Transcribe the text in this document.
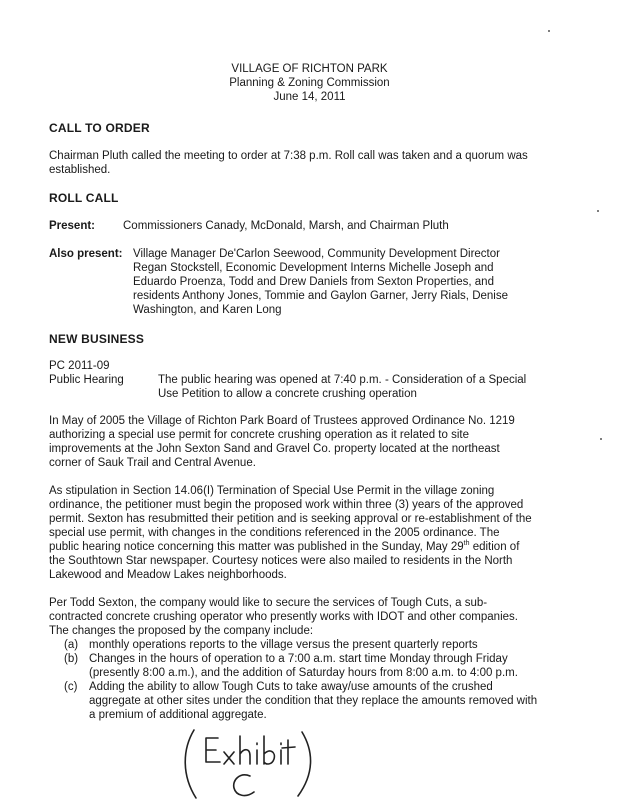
VILLAGE OF RICHTON PARK
Planning & Zoning Commission
June 14, 2011
CALL TO ORDER
Chairman Pluth called the meeting to order at 7:38 p.m. Roll call was taken and a quorum was
established.
ROLL CALL
Present: Commissioners Canady, McDonald, Marsh, and Chairman Pluth
Also present: Village Manager De'Carlon Seewood, Community Development Director
Regan Stockstell, Economic Development Interns Michelle Joseph and
Eduardo Proenza, Todd and Drew Daniels from Sexton Properties, and
residents Anthony Jones, Tommie and Gaylon Garner, Jerry Rials, Denise
Washington, and Karen Long
NEW BUSINESS
PC 2011-09
Public Hearing	The public hearing was opened at 7:40 p.m. - Consideration of a Special
Use Petition to allow a concrete crushing operation
In May of 2005 the Village of Richton Park Board of Trustees approved Ordinance No. 1219
authorizing a special use permit for concrete crushing operation as it related to site
improvements at the John Sexton Sand and Gravel Co. property located at the northeast
corner of Sauk Trail and Central Avenue.
As stipulation in Section 14.06(I) Termination of Special Use Permit in the village zoning
ordinance, the petitioner must begin the proposed work within three (3) years of the approved
permit. Sexton has resubmitted their petition and is seeking approval or re-establishment of the
special use permit, with changes in the conditions referenced in the 2005 ordinance. The
public hearing notice concerning this matter was published in the Sunday, May 29th edition of
the Southtown Star newspaper. Courtesy notices were also mailed to residents in the North
Lakewood and Meadow Lakes neighborhoods.
Per Todd Sexton, the company would like to secure the services of Tough Cuts, a sub-
contracted concrete crushing operator who presently works with IDOT and other companies.
The changes the proposed by the company include:
(a) monthly operations reports to the village versus the present quarterly reports
(b) Changes in the hours of operation to a 7:00 a.m. start time Monday through Friday
(presently 8:00 a.m.), and the addition of Saturday hours from 8:00 a.m. to 4:00 p.m.
(c) Adding the ability to allow Tough Cuts to take away/use amounts of the crushed
aggregate at other sites under the condition that they replace the amounts removed with
a premium of additional aggregate.
